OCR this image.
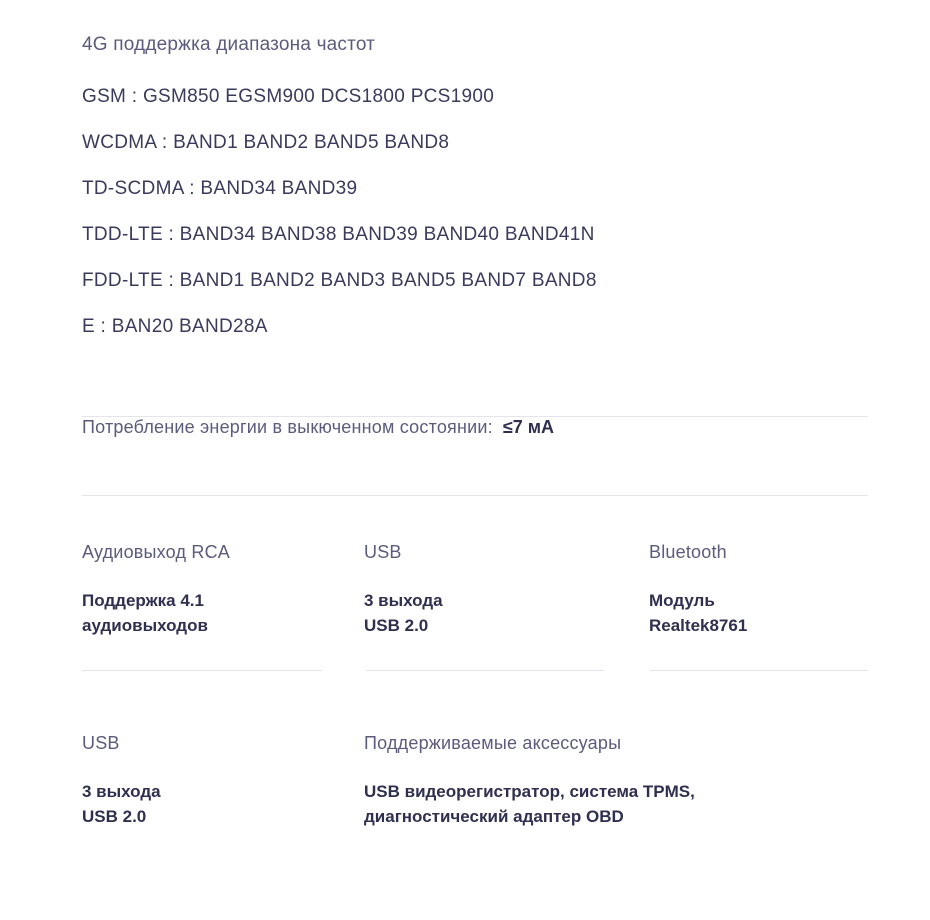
4G поддержка диапазона частот
GSM : GSM850 EGSM900 DCS1800 PCS1900
WCDMA : BAND1 BAND2 BAND5 BAND8
TD-SCDMA : BAND34 BAND39
TDD-LTE : BAND34 BAND38 BAND39 BAND40 BAND41N
FDD-LTE : BAND1 BAND2 BAND3 BAND5 BAND7 BAND8
E : BAN20 BAND28A
Потребление энергии в выкюченном состоянии: ≤7 мА
Аудиовыход RCA
Поддержка 4.1
аудиовыходов
USB
3 выхода
USB 2.0
Bluetooth
Модуль
Realtek8761
USB
3 выхода
USB 2.0
Поддерживаемые аксессуары
USB видеорегистратор, система TPMS,
диагностический адаптер OBD
